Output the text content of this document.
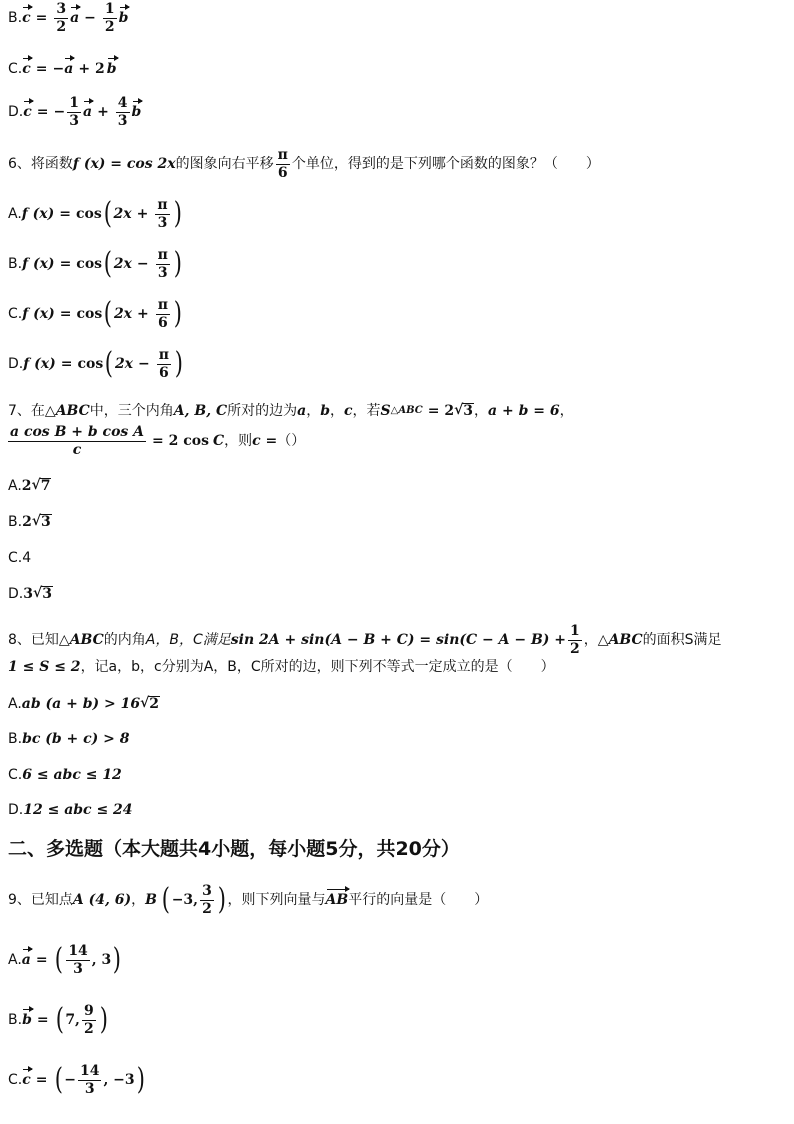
B. $c = \frac{3}{2}$ $a - \frac{1}{2}$ b
C. c = − a + 2 b
D. c = − $\frac{1}{3}$ $a + \frac{4}{3}$ b
6、将函数 f (x) = cos 2x 的图象向右平移 $\frac{\pi}{6}$ 个单位，得到的是下列哪个函数的图象？（　　）
A. f (x) = cos ( $2x + \frac{\pi}{3}$ )
B. f (x) = cos ( $2x - \frac{\pi}{3}$ )
C. f (x) = cos ( $2x + \frac{\pi}{6}$ )
D. f (x) = cos ( $2x - \frac{\pi}{6}$ )
7、在△ ABC 中，三个内角 A, B, C 所对的边为 a ， b ， c ，若 S △ABC = 2 √ 3 ， a + b = 6 ，
$\frac{\text{a cos B + b cos A}}{c} = 2$ cos C ，则 c = （）
A. 2 √ 7
B. 2 √ 3
C.4
D. 3 √ 3
8、已知△ ABC 的内角 A，B，C满足 $\sin 2A + \sin(A - B + C) = \sin(C - A - B) + \frac{1}{2}$ ，△ ABC 的面积S满足
1 ≤ S ≤ 2 ，记a，b，c分别为A，B，C所对的边，则下列不等式一定成立的是（　　）
A. ab (a + b) > 16 √ 2
B. bc (b + c) > 8
C. 6 ≤ abc ≤ 12
D. 12 ≤ abc ≤ 24
二、多选题（本大题共4小题，每小题5分，共20分）
9、已知点 A (4, 6) ， B ( −3, $\frac{3}{2}$ ) ，则下列向量与 AB 平行的向量是（　　）
A. a = ( $\frac{14}{3}$ , 3 )
B. b = ( 7, $\frac{9}{2}$ )
C. c = ( − $\frac{14}{3}$ , −3 )
